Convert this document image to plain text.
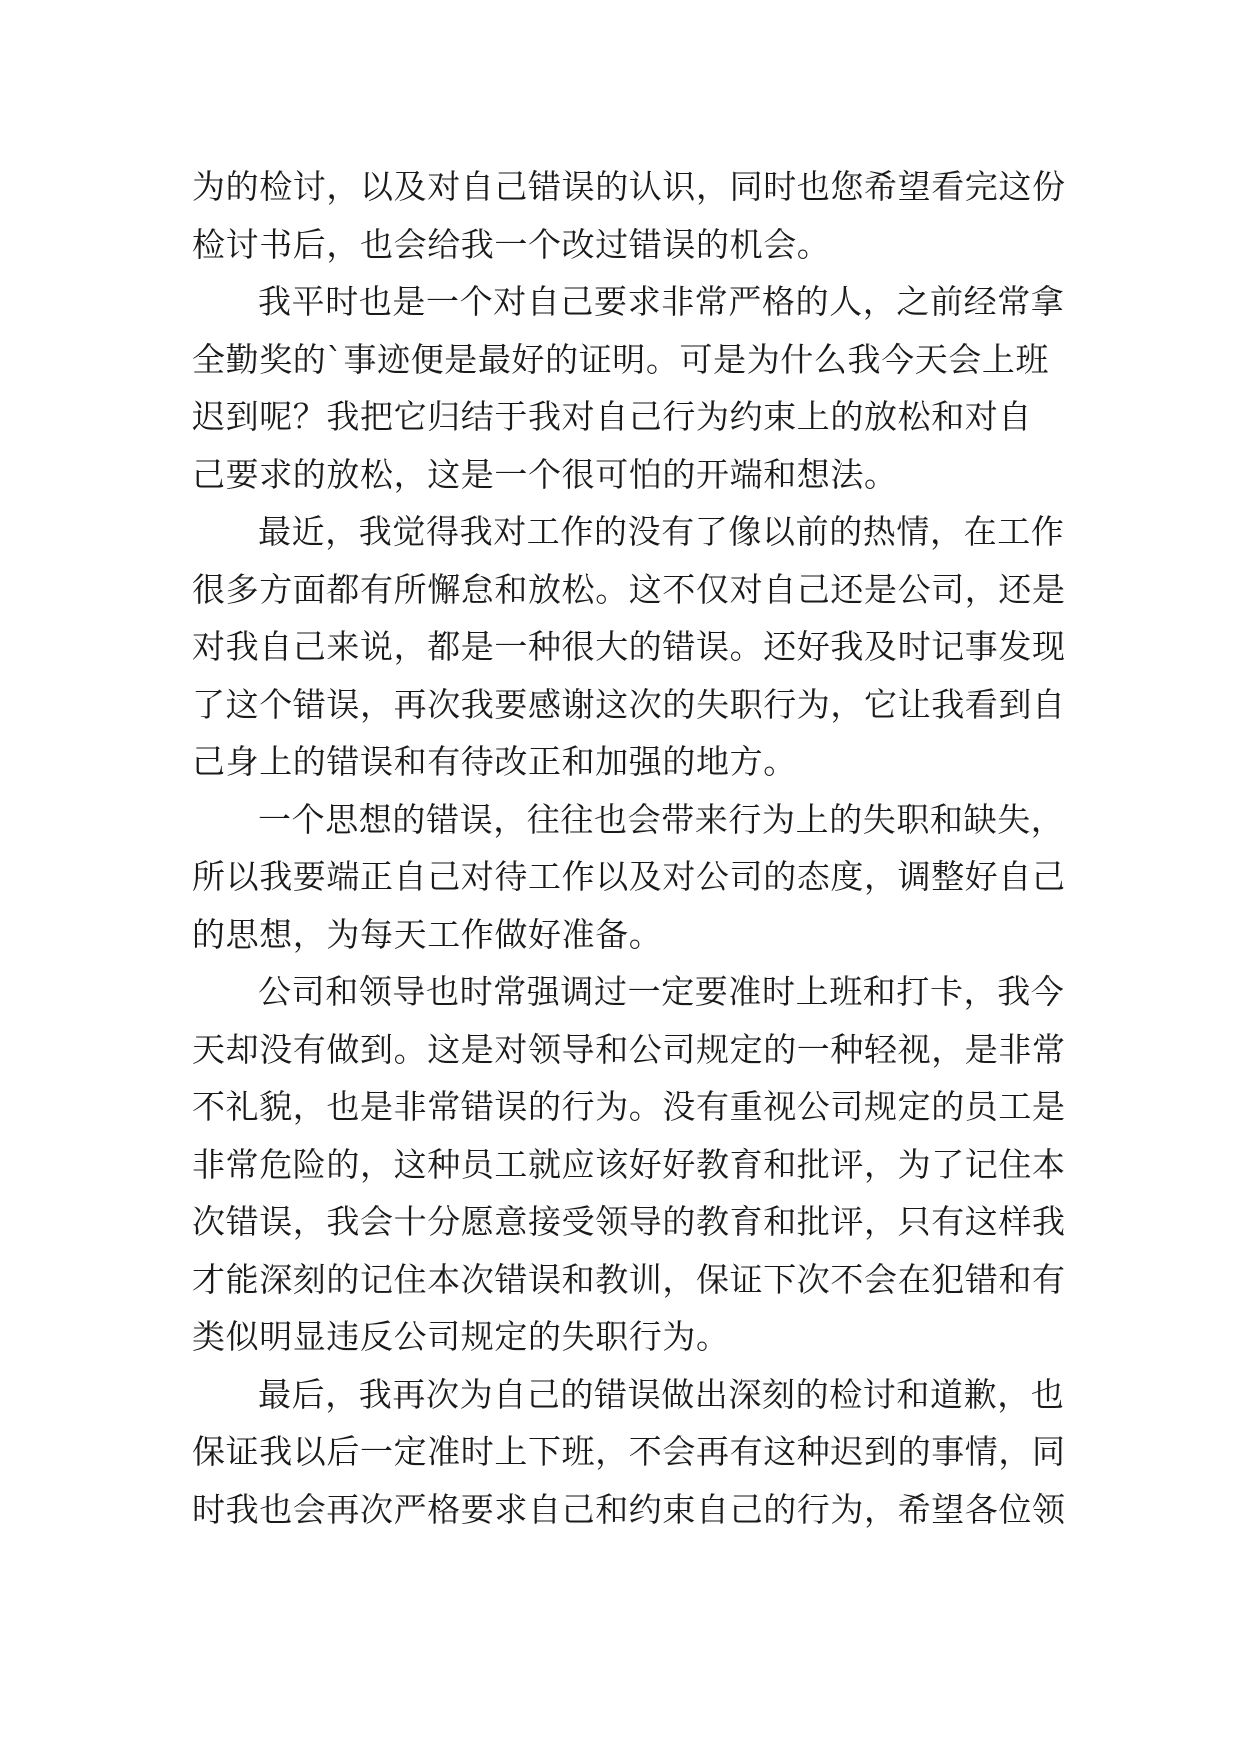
为的检讨，以及对自己错误的认识，同时也您希望看完这份
检讨书后，也会给我一个改过错误的机会。
我平时也是一个对自己要求非常严格的人，之前经常拿
全勤奖的`事迹便是最好的证明。可是为什么我今天会上班
迟到呢？我把它归结于我对自己行为约束上的放松和对自
己要求的放松，这是一个很可怕的开端和想法。
最近，我觉得我对工作的没有了像以前的热情，在工作
很多方面都有所懈怠和放松。这不仅对自己还是公司，还是
对我自己来说，都是一种很大的错误。还好我及时记事发现
了这个错误，再次我要感谢这次的失职行为，它让我看到自
己身上的错误和有待改正和加强的地方。
一个思想的错误，往往也会带来行为上的失职和缺失，
所以我要端正自己对待工作以及对公司的态度，调整好自己
的思想，为每天工作做好准备。
公司和领导也时常强调过一定要准时上班和打卡，我今
天却没有做到。这是对领导和公司规定的一种轻视，是非常
不礼貌，也是非常错误的行为。没有重视公司规定的员工是
非常危险的，这种员工就应该好好教育和批评，为了记住本
次错误，我会十分愿意接受领导的教育和批评，只有这样我
才能深刻的记住本次错误和教训，保证下次不会在犯错和有
类似明显违反公司规定的失职行为。
最后，我再次为自己的错误做出深刻的检讨和道歉，也
保证我以后一定准时上下班，不会再有这种迟到的事情，同
时我也会再次严格要求自己和约束自己的行为，希望各位领
